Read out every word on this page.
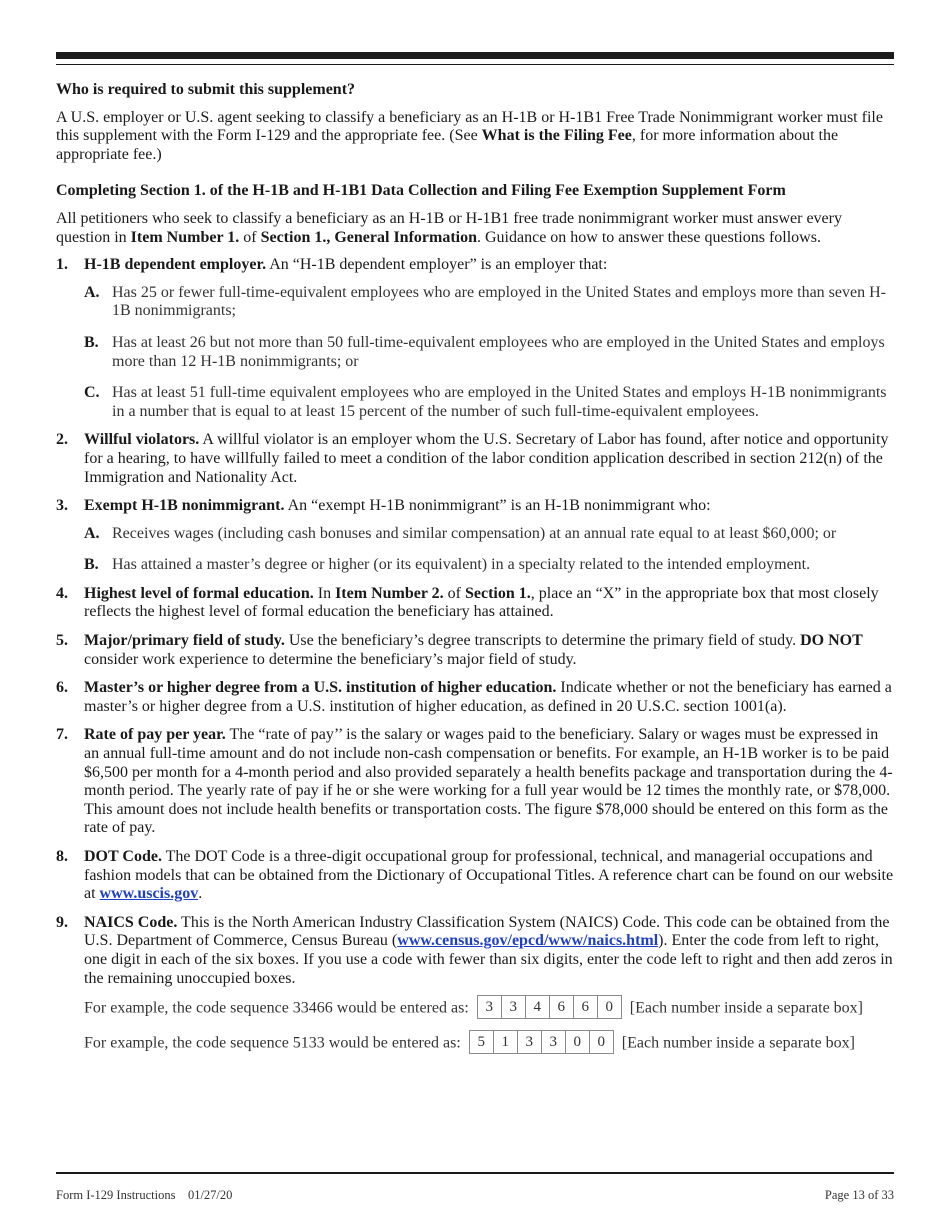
Who is required to submit this supplement?

A U.S. employer or U.S. agent seeking to classify a beneficiary as an H-1B or H-1B1 Free Trade Nonimmigrant worker must file this supplement with the Form I-129 and the appropriate fee. (See What is the Filing Fee, for more information about the appropriate fee.)

Completing Section 1. of the H-1B and H-1B1 Data Collection and Filing Fee Exemption Supplement Form

All petitioners who seek to classify a beneficiary as an H-1B or H-1B1 free trade nonimmigrant worker must answer every question in Item Number 1. of Section 1., General Information. Guidance on how to answer these questions follows.

1. H-1B dependent employer. An “H-1B dependent employer” is an employer that:
A. Has 25 or fewer full-time-equivalent employees who are employed in the United States and employs more than seven H-1B nonimmigrants;
B. Has at least 26 but not more than 50 full-time-equivalent employees who are employed in the United States and employs more than 12 H-1B nonimmigrants; or
C. Has at least 51 full-time equivalent employees who are employed in the United States and employs H-1B nonimmigrants in a number that is equal to at least 15 percent of the number of such full-time-equivalent employees.
2. Willful violators. A willful violator is an employer whom the U.S. Secretary of Labor has found, after notice and opportunity for a hearing, to have willfully failed to meet a condition of the labor condition application described in section 212(n) of the Immigration and Nationality Act.
3. Exempt H-1B nonimmigrant. An “exempt H-1B nonimmigrant” is an H-1B nonimmigrant who:
A. Receives wages (including cash bonuses and similar compensation) at an annual rate equal to at least $60,000; or
B. Has attained a master’s degree or higher (or its equivalent) in a specialty related to the intended employment.
4. Highest level of formal education. In Item Number 2. of Section 1., place an “X” in the appropriate box that most closely reflects the highest level of formal education the beneficiary has attained.
5. Major/primary field of study. Use the beneficiary’s degree transcripts to determine the primary field of study. DO NOT consider work experience to determine the beneficiary’s major field of study.
6. Master’s or higher degree from a U.S. institution of higher education. Indicate whether or not the beneficiary has earned a master’s or higher degree from a U.S. institution of higher education, as defined in 20 U.S.C. section 1001(a).
7. Rate of pay per year. The “rate of pay’’ is the salary or wages paid to the beneficiary. Salary or wages must be expressed in an annual full-time amount and do not include non-cash compensation or benefits. For example, an H-1B worker is to be paid $6,500 per month for a 4-month period and also provided separately a health benefits package and transportation during the 4-month period. The yearly rate of pay if he or she were working for a full year would be 12 times the monthly rate, or $78,000. This amount does not include health benefits or transportation costs. The figure $78,000 should be entered on this form as the rate of pay.
8. DOT Code. The DOT Code is a three-digit occupational group for professional, technical, and managerial occupations and fashion models that can be obtained from the Dictionary of Occupational Titles. A reference chart can be found on our website at www.uscis.gov.
9. NAICS Code. This is the North American Industry Classification System (NAICS) Code. This code can be obtained from the U.S. Department of Commerce, Census Bureau (www.census.gov/epcd/www/naics.html). Enter the code from left to right, one digit in each of the six boxes. If you use a code with fewer than six digits, enter the code left to right and then add zeros in the remaining unoccupied boxes.
For example, the code sequence 33466 would be entered as:	3	3	4	6	6	0	[Each number inside a separate box]
For example, the code sequence 5133 would be entered as:	5	1	3	3	0	0	[Each number inside a separate box]
Form I-129 Instructions 01/27/20	Page 13 of 33
